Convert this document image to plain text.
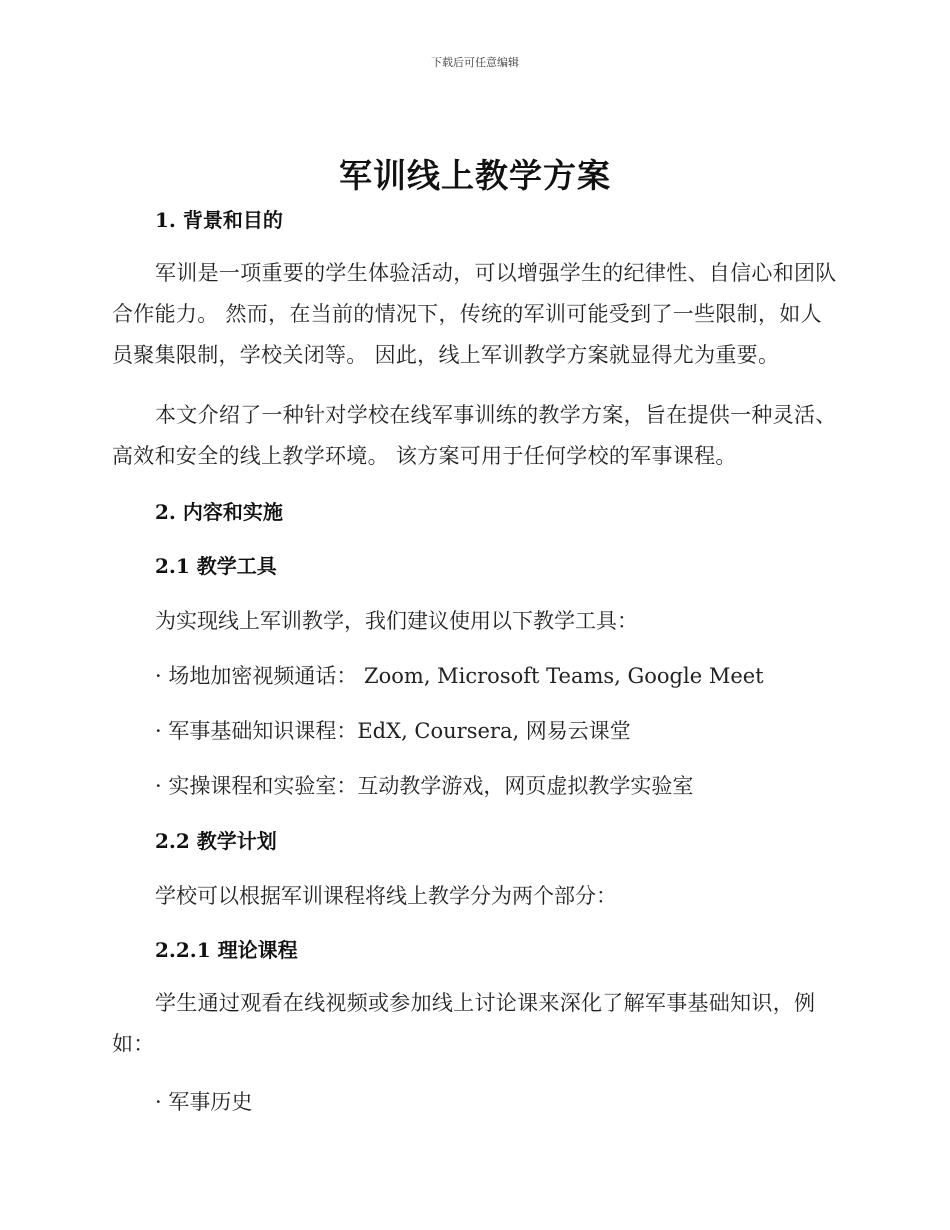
下载后可任意编辑
军训线上教学方案
1. 背景和目的

军训是一项重要的学生体验活动，可以增强学生的纪律性、自信心和团队合作能力。 然而，在当前的情况下，传统的军训可能受到了一些限制，如人员聚集限制，学校关闭等。 因此，线上军训教学方案就显得尤为重要。

本文介绍了一种针对学校在线军事训练的教学方案，旨在提供一种灵活、高效和安全的线上教学环境。 该方案可用于任何学校的军事课程。

2. 内容和实施
2.1 教学工具
为实现线上军训教学，我们建议使用以下教学工具：
· 场地加密视频通话： Zoom, Microsoft Teams, Google Meet
· 军事基础知识课程：EdX, Coursera, 网易云课堂
· 实操课程和实验室：互动教学游戏，网页虚拟教学实验室
2.2 教学计划
学校可以根据军训课程将线上教学分为两个部分：
2.2.1 理论课程

学生通过观看在线视频或参加线上讨论课来深化了解军事基础知识，例如：

· 军事历史
